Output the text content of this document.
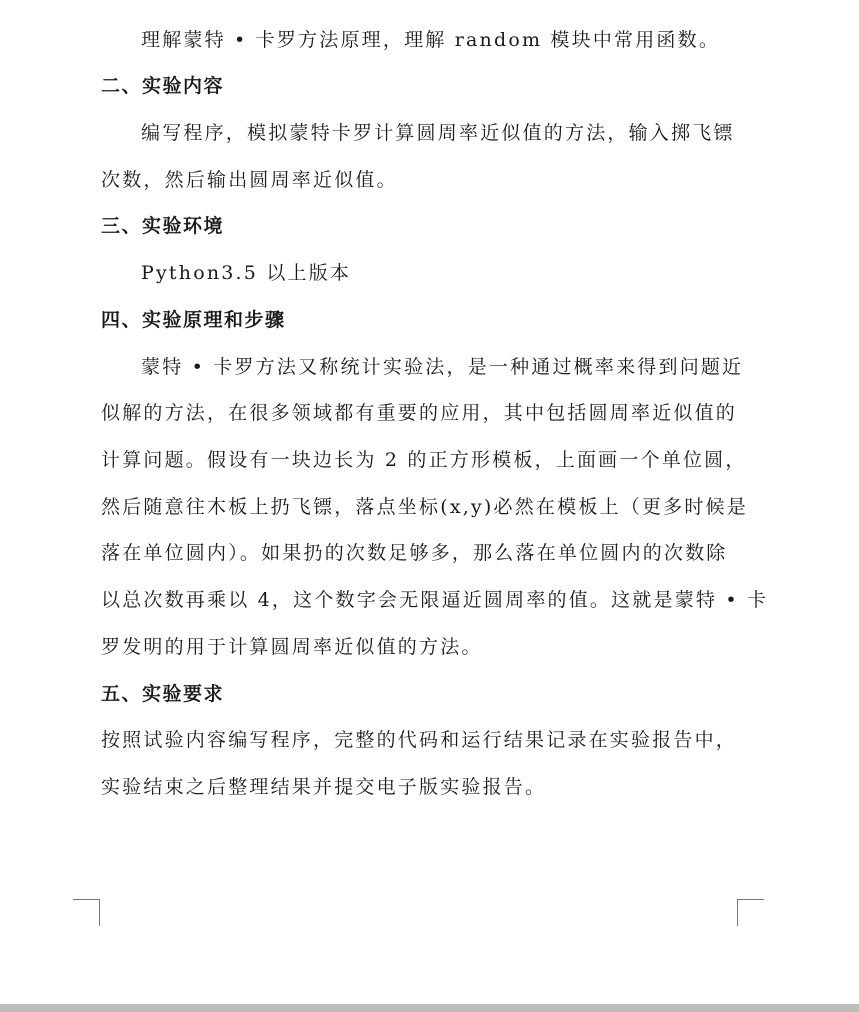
理解蒙特 • 卡罗方法原理，理解 random 模块中常用函数。
二、实验内容
编写程序，模拟蒙特卡罗计算圆周率近似值的方法，输入掷飞镖
次数，然后输出圆周率近似值。
三、实验环境
Python3.5 以上版本
四、实验原理和步骤
蒙特 • 卡罗方法又称统计实验法，是一种通过概率来得到问题近
似解的方法，在很多领域都有重要的应用，其中包括圆周率近似值的
计算问题。假设有一块边长为 2 的正方形模板，上面画一个单位圆，
然后随意往木板上扔飞镖，落点坐标(x,y)必然在模板上（更多时候是
落在单位圆内）。如果扔的次数足够多，那么落在单位圆内的次数除
以总次数再乘以 4，这个数字会无限逼近圆周率的值。这就是蒙特 • 卡
罗发明的用于计算圆周率近似值的方法。
五、实验要求
按照试验内容编写程序，完整的代码和运行结果记录在实验报告中，
实验结束之后整理结果并提交电子版实验报告。
